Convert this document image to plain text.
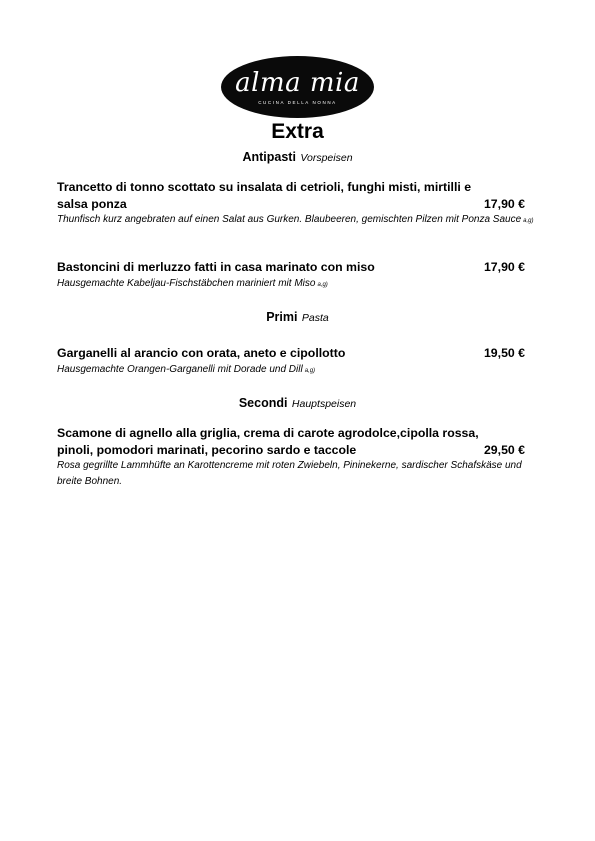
alma mia
CUCINA DELLA NONNA
Extra
Antipasti Vorspeisen
Trancetto di tonno scottato su insalata di cetrioli, funghi misti, mirtilli e salsa ponza	17,90 €
Thunfisch kurz angebraten auf einen Salat aus Gurken. Blaubeeren, gemischten Pilzen mit Ponza Sauce a,g)
Bastoncini di merluzzo fatti in casa marinato con miso	17,90 €
Hausgemachte Kabeljau-Fischstäbchen mariniert mit Miso a,g)
Primi Pasta
Garganelli al arancio con orata, aneto e cipollotto	19,50 €
Hausgemachte Orangen-Garganelli mit Dorade und Dill a,g)
Secondi Hauptspeisen
Scamone di agnello alla griglia, crema di carote agrodolce,cipolla rossa, pinoli, pomodori marinati, pecorino sardo e taccole	29,50 €
Rosa gegrillte Lammhüfte an Karottencreme mit roten Zwiebeln, Pininekerne, sardischer Schafskäse und breite Bohnen.
